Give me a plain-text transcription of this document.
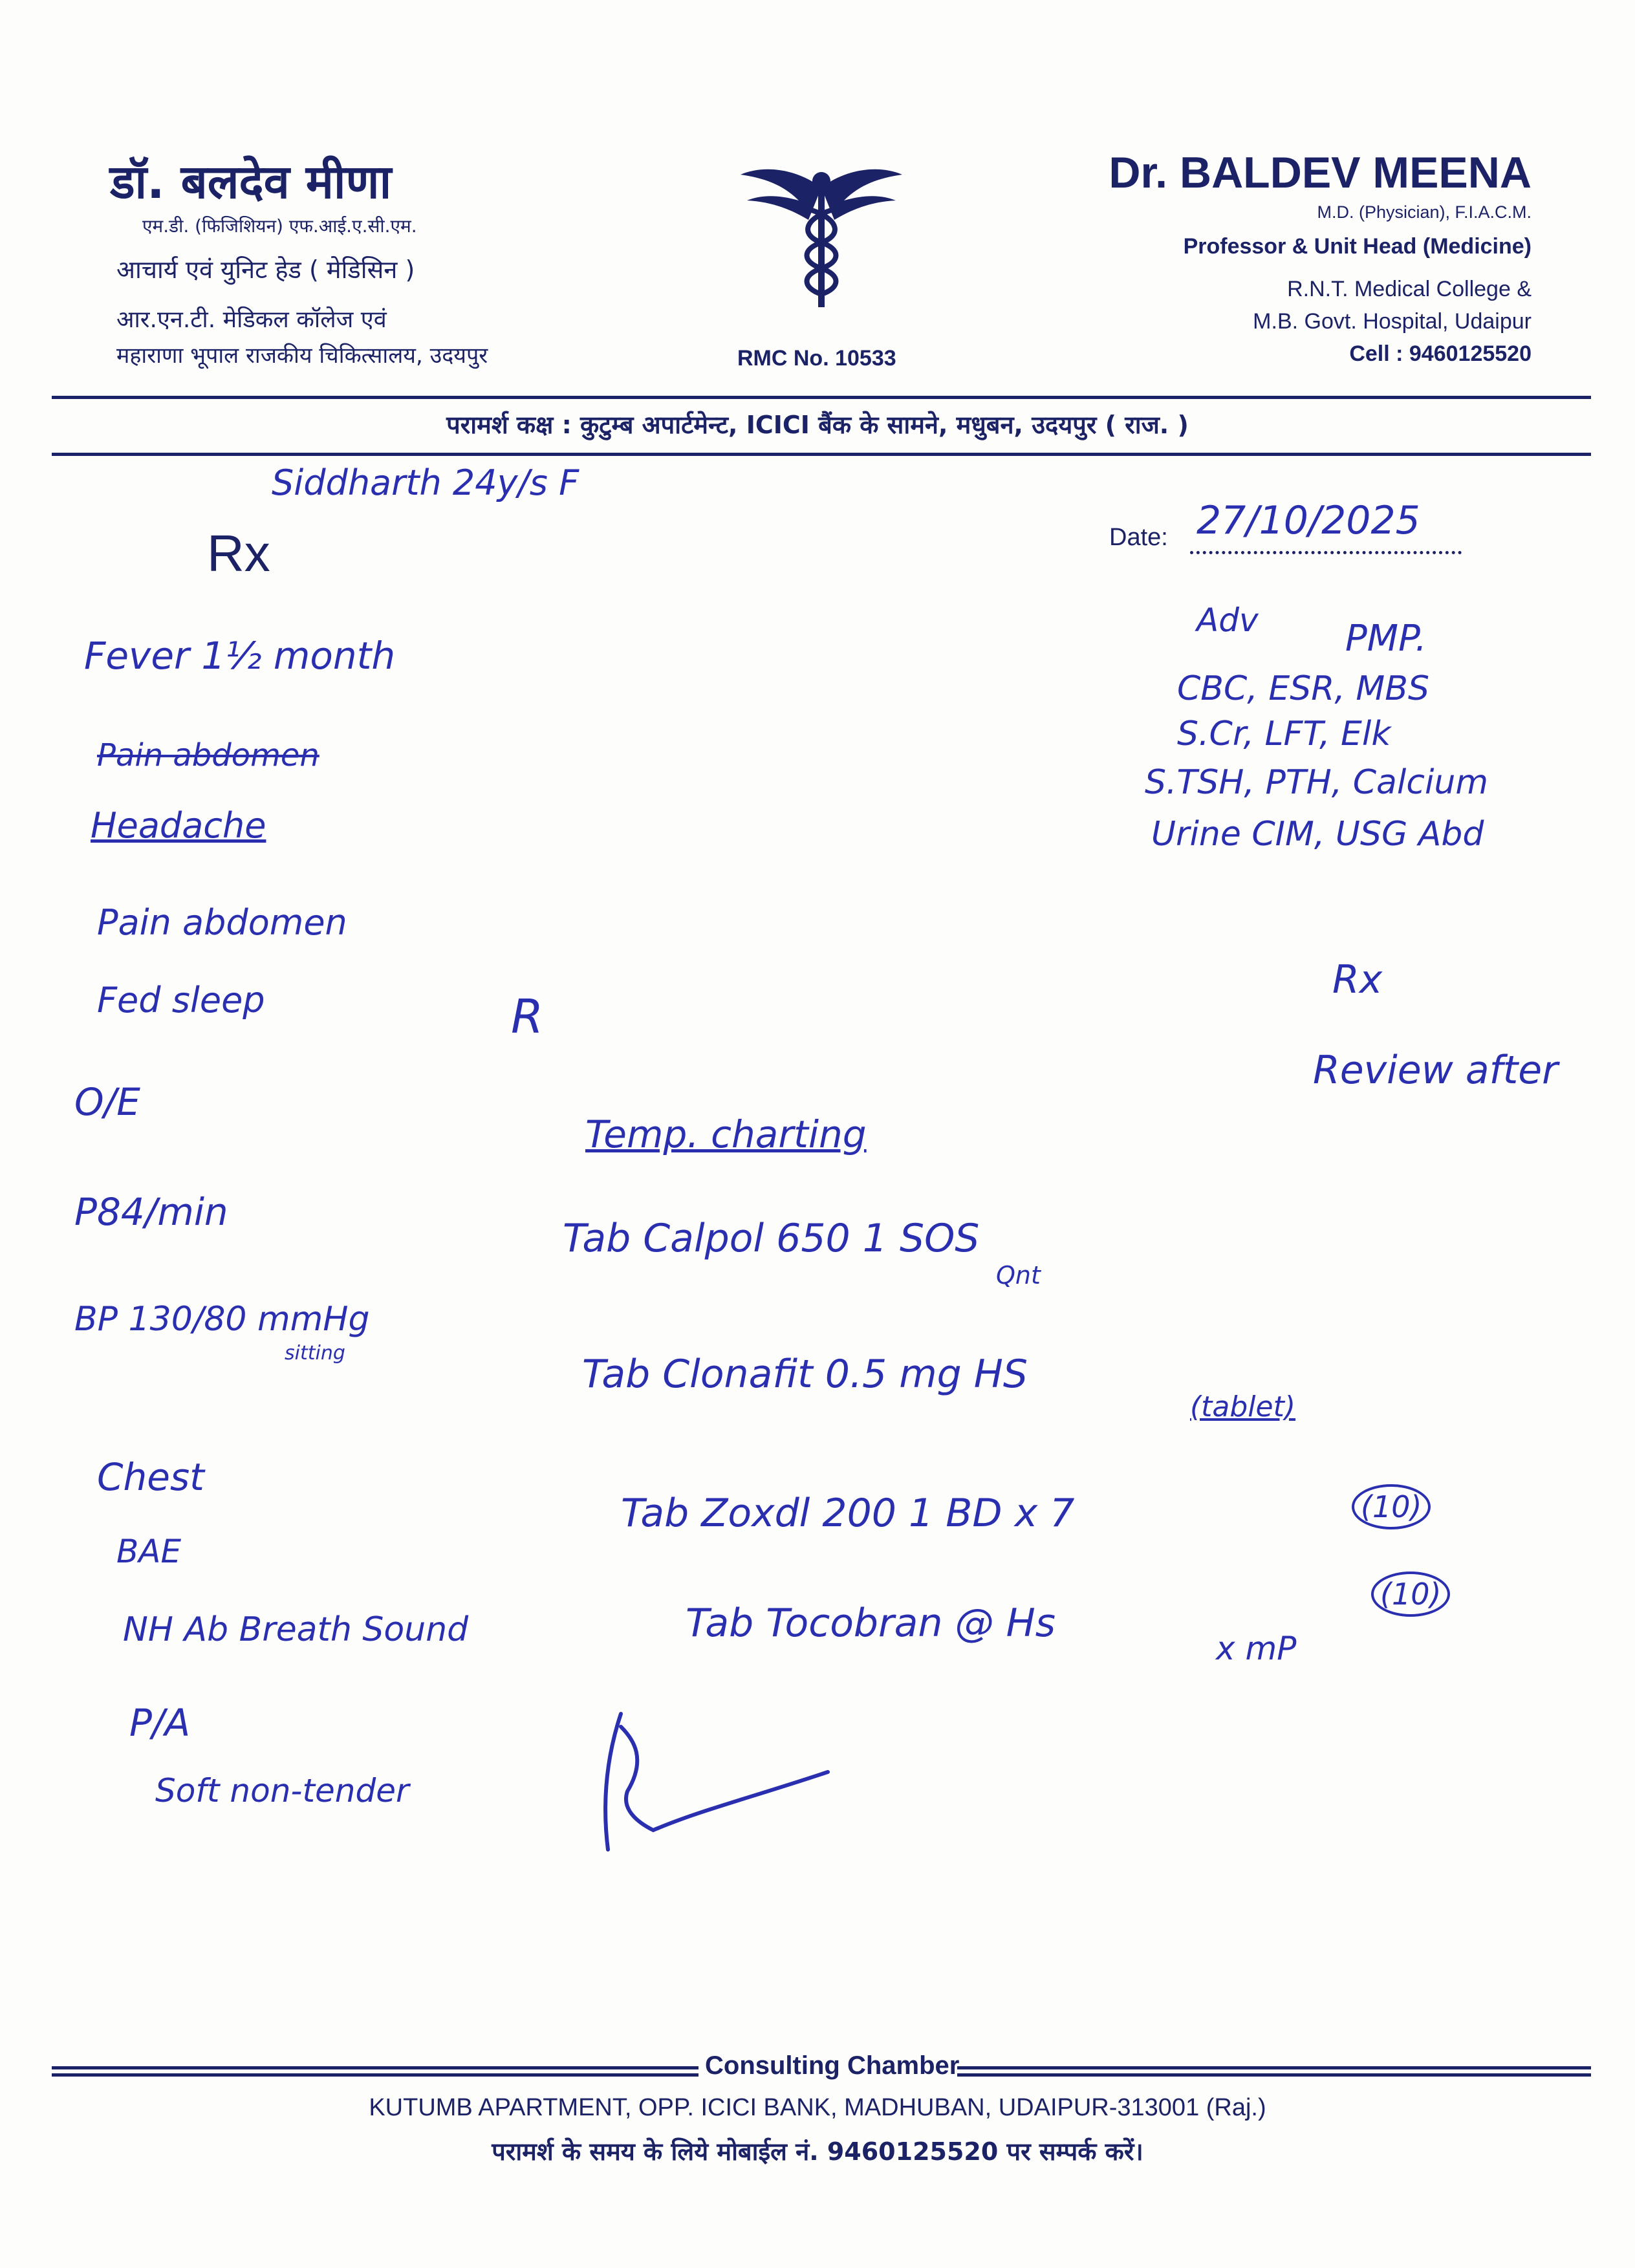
डॉ. बलदेव मीणा
एम.डी. (फिजिशियन) एफ.आई.ए.सी.एम.
आचार्य एवं युनिट हेड ( मेडिसिन )
आर.एन.टी. मेडिकल कॉलेज एवं
महाराणा भूपाल राजकीय चिकित्सालय, उदयपुर	RMC No. 10533
Dr. BALDEV MEENA
M.D. (Physician), F.I.A.C.M.
Professor & Unit Head (Medicine)
R.N.T. Medical College &
M.B. Govt. Hospital, Udaipur
Cell : 9460125520
परामर्श कक्ष : कुटुम्ब अपार्टमेन्ट, ICICI बैंक के सामने, मधुबन, उदयपुर ( राज. )
Siddharth 24y/s F
Date: 27/10/2025
Rx
Fever 1½ month
Pain abdomen
Headache
Pain abdomen
Fed sleep
O/E
P84/min
BP 130/80 mmHg
sitting
Chest
BAE
NH Ab Breath Sound
P/A
Soft non-tender
Adv PMP.
CBC, ESR, MBS
S.Cr, LFT, Elk
S.TSH, PTH, Calcium
Urine CIM, USG Abd
Rx
Review after
R
Temp. charting
Tab Calpol 650 1 SOS
Qnt
Tab Clonafit 0.5 mg HS
(tablet)
Tab Zoxdl 200 1 BD x 7	(10)
Tab Tocobran @ Hs
(10)
x mP
Consulting Chamber
KUTUMB APARTMENT, OPP. ICICI BANK, MADHUBAN, UDAIPUR-313001 (Raj.)
परामर्श के समय के लिये मोबाईल नं. 9460125520 पर सम्पर्क करें।
